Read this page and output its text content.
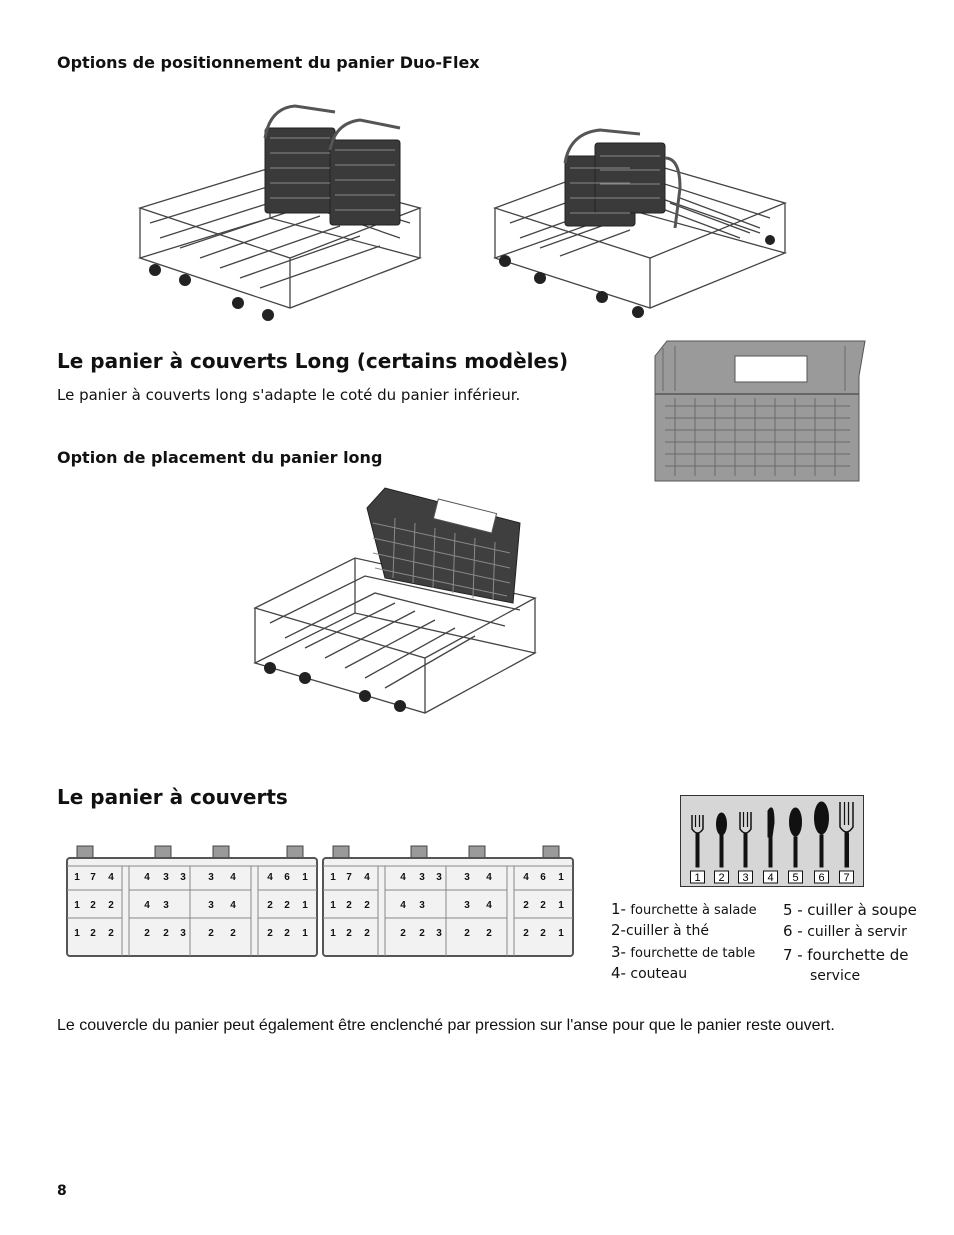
Options de positionnement du panier Duo-Flex
Le panier à couverts Long (certains modèles)
Le panier à couverts long s'adapte le coté du panier inférieur.
Option de placement du panier long
Le panier à couverts
1 7 4
1 2 2
1 2 2
4 3 3
4 3
2 2 3
3 4
3 4
2 2
4 6 1
2 2 1
2 2 1
1 7 4
1 2 2
1 2 2
4 3 3
4 3
2 2 3
3 4
3 4
2 2
4 6 1
2 2 1
2 2 1
1 2 3 4 5 6 7
1- fourchette à salade
2-cuiller à thé
3- fourchette de table
4- couteau
5 - cuiller à soupe
6 - cuiller à servir
7 - fourchette de
service
Le couvercle du panier peut également être enclenché par pression sur l'anse pour que le panier reste ouvert.
8
